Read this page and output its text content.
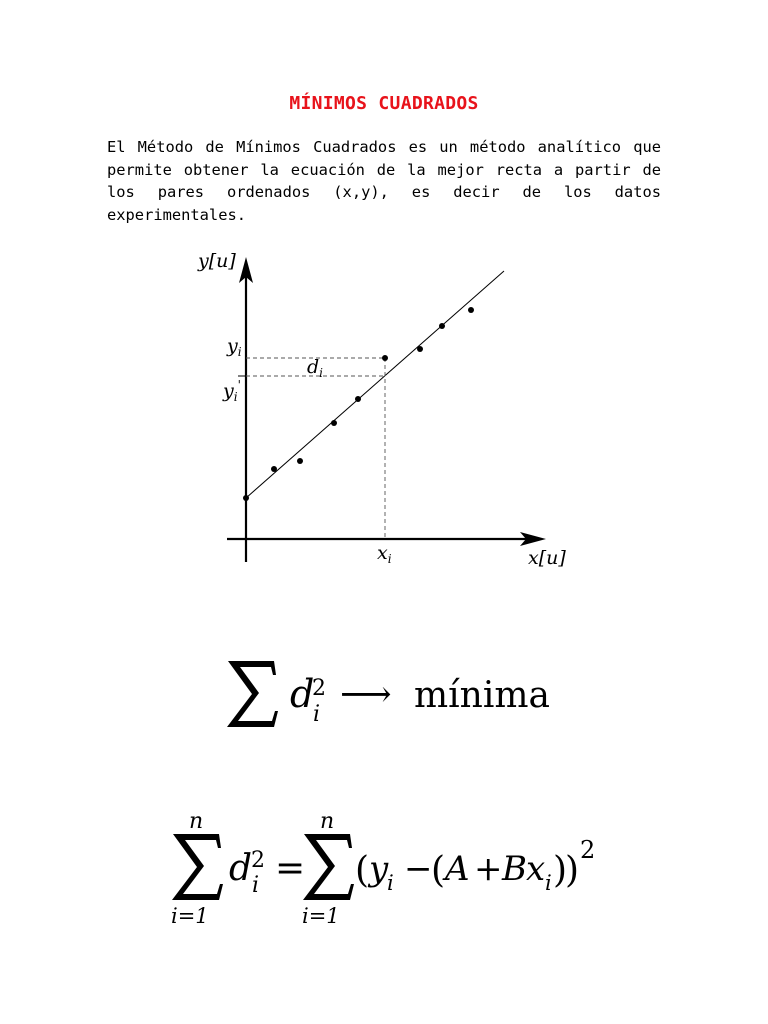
MÍNIMOS CUADRADOS

El Método de Mínimos Cuadrados es un método analítico que permite obtener la ecuación de la mejor recta a partir de los pares ordenados (x,y), es decir de los datos experimentales.

y[u]
x[u]
$y_i$
$y_i'$
$d_i$
$x_i$
d
2
i ⟶ mínima
n
i=1
d
2
i =
n
i=1
( y
i −
( A + B x i )
) 2
